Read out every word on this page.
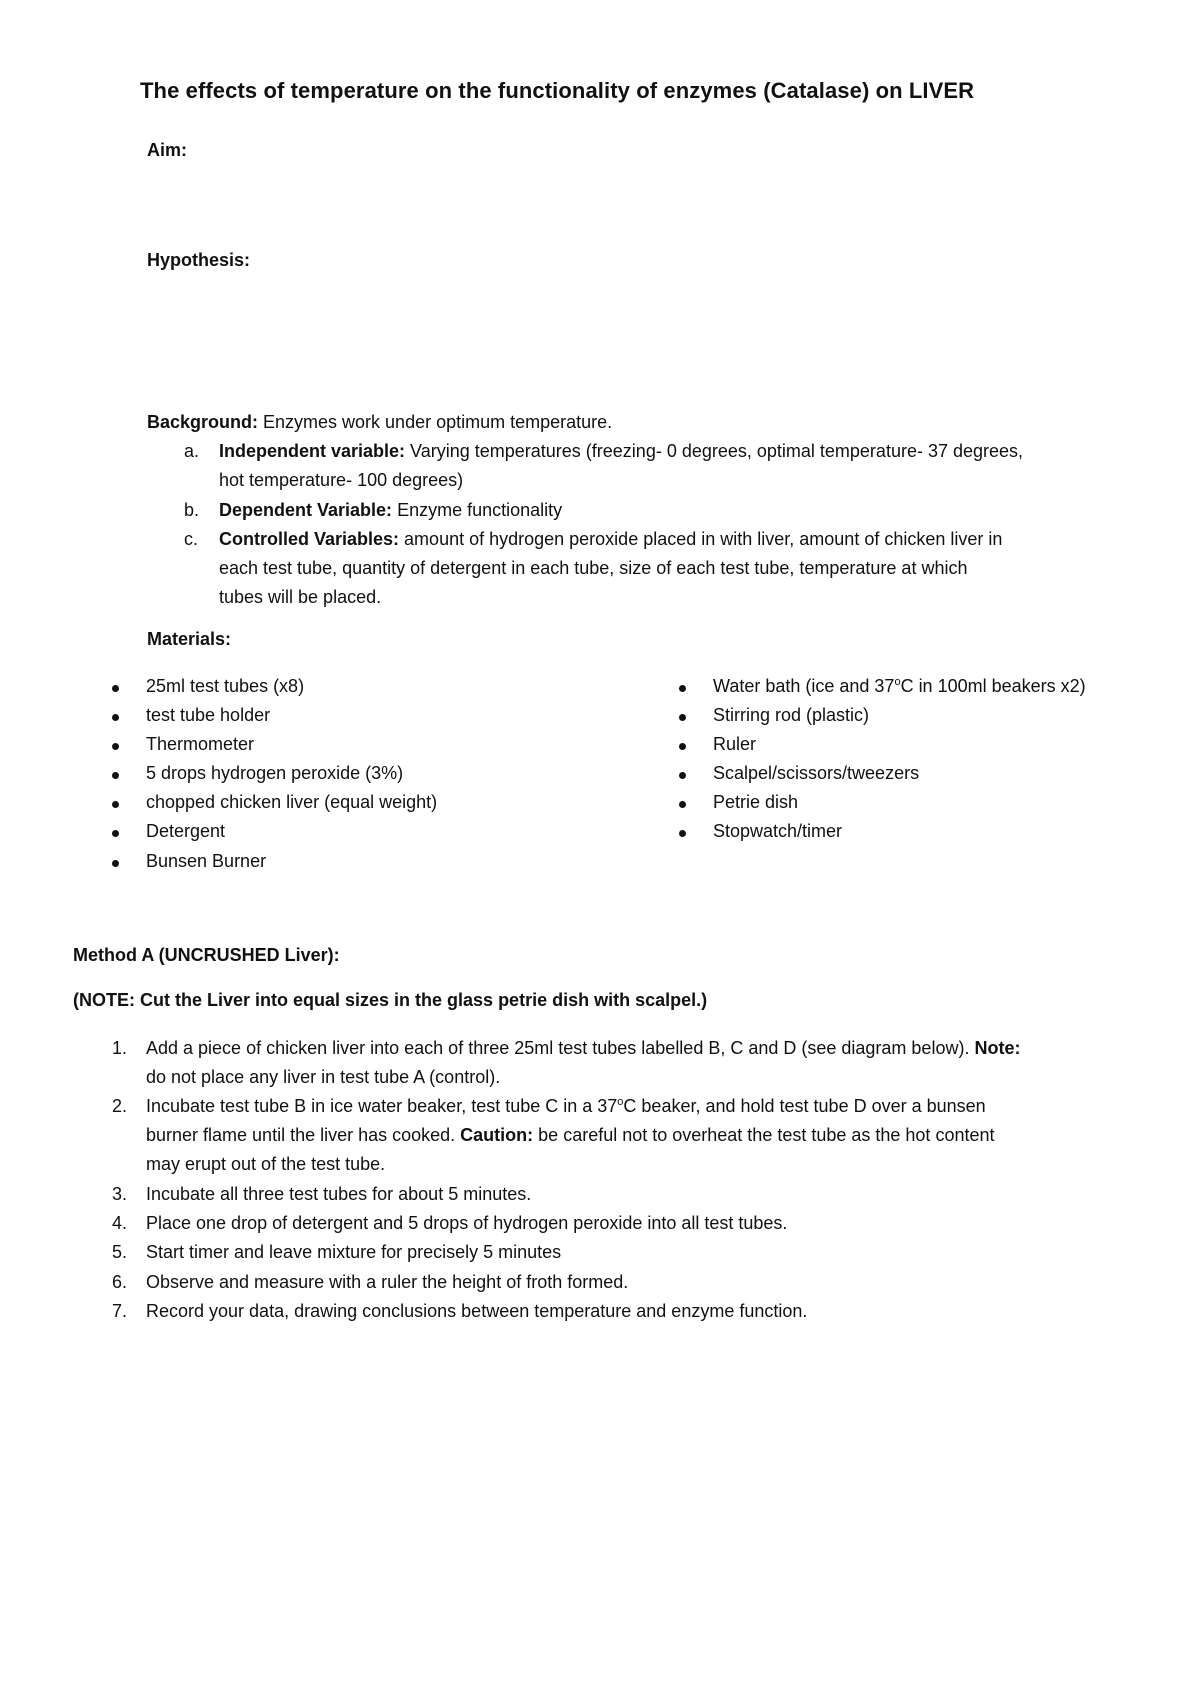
The effects of temperature on the functionality of enzymes (Catalase) on LIVER
Aim:
Hypothesis:
Background: Enzymes work under optimum temperature.
a. Independent variable: Varying temperatures (freezing- 0 degrees, optimal temperature- 37 degrees,
hot temperature- 100 degrees)
b. Dependent Variable: Enzyme functionality
c. Controlled Variables: amount of hydrogen peroxide placed in with liver, amount of chicken liver in
each test tube, quantity of detergent in each tube, size of each test tube, temperature at which
tubes will be placed.
Materials:
25ml test tubes (x8)
test tube holder
Thermometer
5 drops hydrogen peroxide (3%)
chopped chicken liver (equal weight)
Detergent
Bunsen Burner
Water bath (ice and 37$^o$C in 100ml beakers x2)
Stirring rod (plastic)
Ruler
Scalpel/scissors/tweezers
Petrie dish
Stopwatch/timer
Method A (UNCRUSHED Liver):
(NOTE: Cut the Liver into equal sizes in the glass petrie dish with scalpel.)
1. Add a piece of chicken liver into each of three 25ml test tubes labelled B, C and D (see diagram below). Note:
do not place any liver in test tube A (control).
2. Incubate test tube B in ice water beaker, test tube C in a 37$^o$C beaker, and hold test tube D over a bunsen
burner flame until the liver has cooked. Caution: be careful not to overheat the test tube as the hot content
may erupt out of the test tube.
3. Incubate all three test tubes for about 5 minutes.
4. Place one drop of detergent and 5 drops of hydrogen peroxide into all test tubes.
5. Start timer and leave mixture for precisely 5 minutes
6. Observe and measure with a ruler the height of froth formed.
7. Record your data, drawing conclusions between temperature and enzyme function.
